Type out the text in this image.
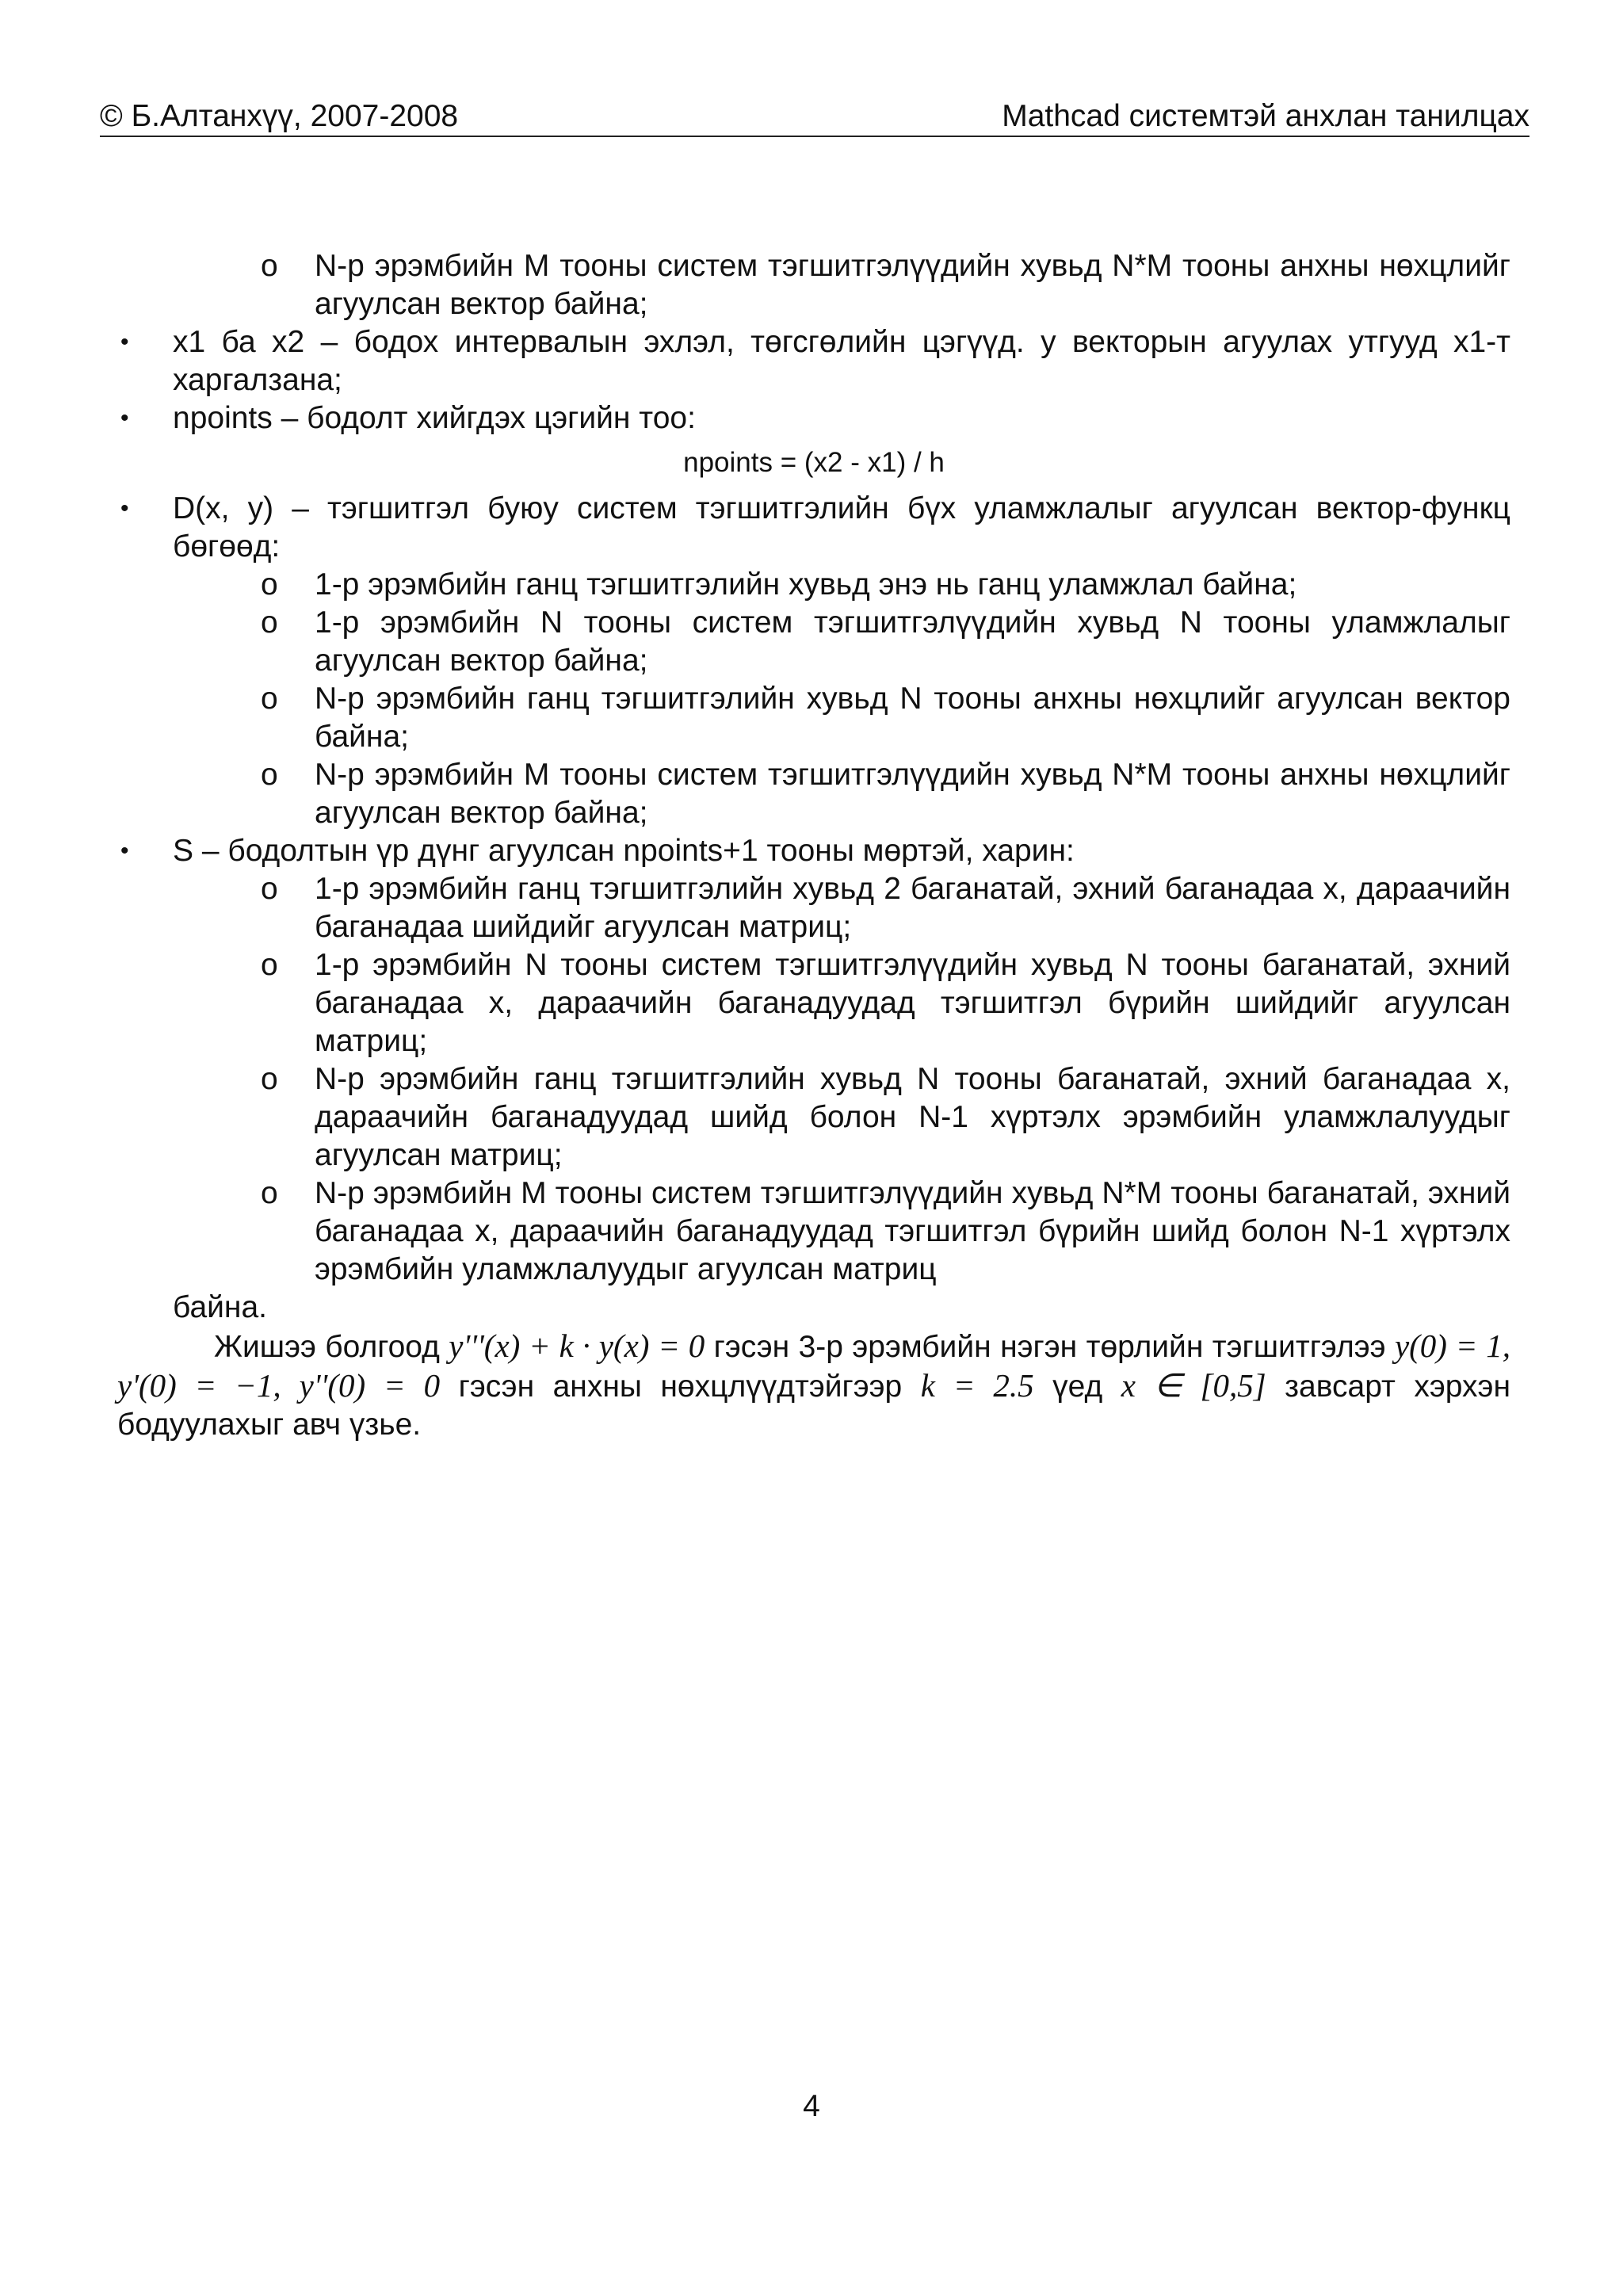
© Б.Алтанхүү, 2007-2008	Mathcad системтэй анхлан танилцах
o N-р эрэмбийн М тооны систем тэгшитгэлүүдийн хувьд N*M тооны анхны нөхцлийг агуулсан вектор байна;
• x1 ба x2 – бодох интервалын эхлэл, төгсгөлийн цэгүүд. y векторын агуулах утгууд x1-т харгалзана;
• npoints – бодолт хийгдэх цэгийн тоо:
npoints = (x2 - x1) / h
• D(x, y) – тэгшитгэл буюу систем тэгшитгэлийн бүх уламжлалыг агуулсан вектор-функц бөгөөд:
o 1-р эрэмбийн ганц тэгшитгэлийн хувьд энэ нь ганц уламжлал байна;
o 1-р эрэмбийн N тооны систем тэгшитгэлүүдийн хувьд N тооны уламжлалыг агуулсан вектор байна;
o N-р эрэмбийн ганц тэгшитгэлийн хувьд N тооны анхны нөхцлийг агуулсан вектор байна;
o N-р эрэмбийн М тооны систем тэгшитгэлүүдийн хувьд N*M тооны анхны нөхцлийг агуулсан вектор байна;
• S – бодолтын үр дүнг агуулсан npoints+1 тооны мөртэй, харин:
o 1-р эрэмбийн ганц тэгшитгэлийн хувьд 2 баганатай, эхний баганадаа x, дараачийн баганадаа шийдийг агуулсан матриц;
o 1-р эрэмбийн N тооны систем тэгшитгэлүүдийн хувьд N тооны баганатай, эхний баганадаа x, дараачийн баганадуудад тэгшитгэл бүрийн шийдийг агуулсан матриц;
o N-р эрэмбийн ганц тэгшитгэлийн хувьд N тооны баганатай, эхний баганадаа x, дараачийн баганадуудад шийд болон N-1 хүртэлх эрэмбийн уламжлалуудыг агуулсан матриц;
o N-р эрэмбийн М тооны систем тэгшитгэлүүдийн хувьд N*M тооны баганатай, эхний баганадаа x, дараачийн баганадуудад тэгшитгэл бүрийн шийд болон N-1 хүртэлх эрэмбийн уламжлалуудыг агуулсан матриц
байна.
Жишээ болгоод y'''(x) + k · y(x) = 0 гэсэн 3-р эрэмбийн нэгэн төрлийн тэгшитгэлээ y(0) = 1, y'(0) = −1, y''(0) = 0 гэсэн анхны нөхцлүүдтэйгээр k = 2.5 үед x ∈ [0,5] завсарт хэрхэн бодуулахыг авч үзье.
4
